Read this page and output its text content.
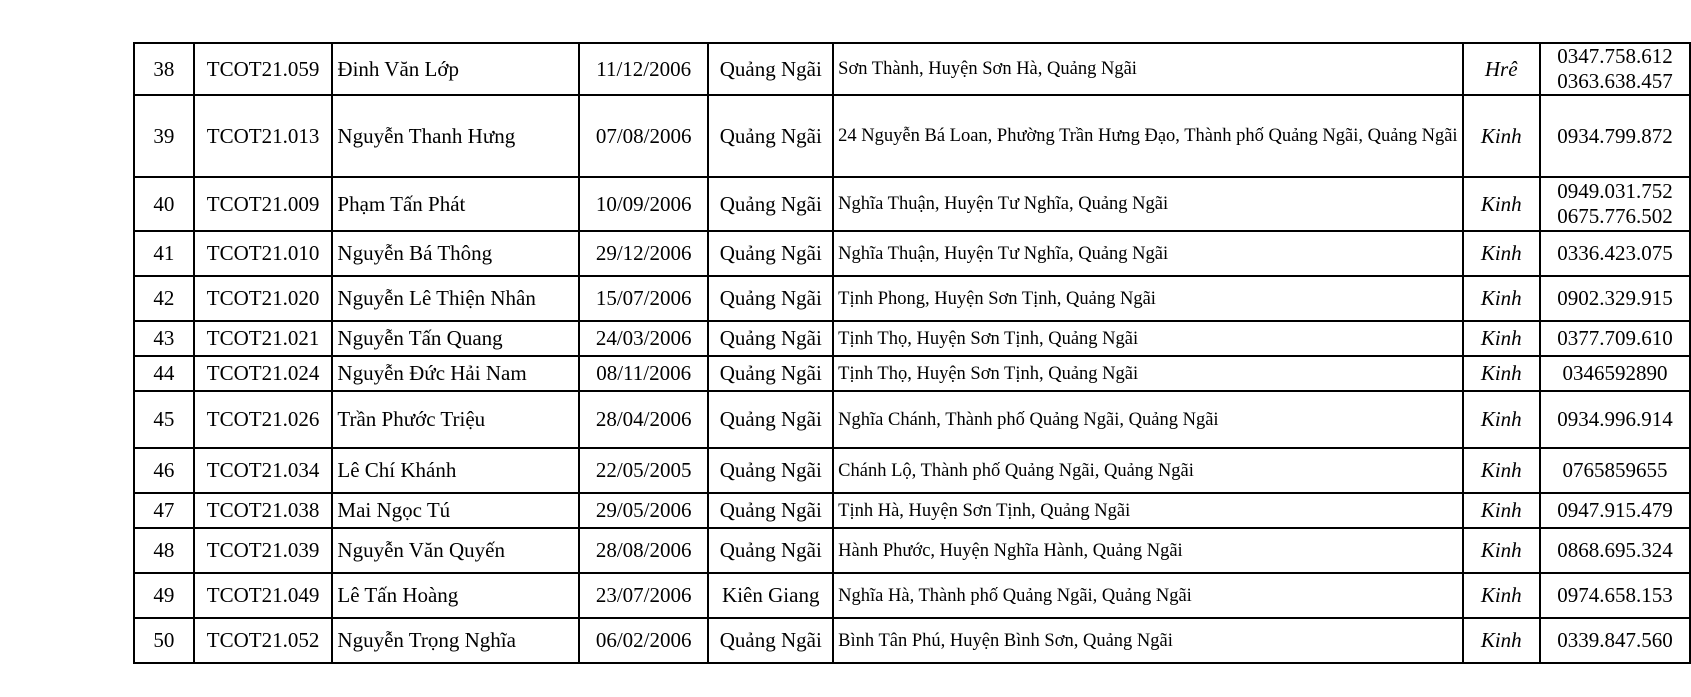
38	TCOT21.059	Đinh Văn Lớp	11/12/2006	Quảng Ngãi	Sơn Thành, Huyện Sơn Hà, Quảng Ngãi	Hrê	0347.758.612
0363.638.457

39	TCOT21.013	Nguyễn Thanh Hưng	07/08/2006	Quảng Ngãi	24 Nguyễn Bá Loan, Phường Trần Hưng Đạo, Thành phố Quảng Ngãi, Quảng Ngãi	Kinh	0934.799.872

40	TCOT21.009	Phạm Tấn Phát	10/09/2006	Quảng Ngãi	Nghĩa Thuận, Huyện Tư Nghĩa, Quảng Ngãi	Kinh	0949.031.752
0675.776.502

41	TCOT21.010	Nguyễn Bá Thông	29/12/2006	Quảng Ngãi	Nghĩa Thuận, Huyện Tư Nghĩa, Quảng Ngãi	Kinh	0336.423.075

42	TCOT21.020	Nguyễn Lê Thiện Nhân	15/07/2006	Quảng Ngãi	Tịnh Phong, Huyện Sơn Tịnh, Quảng Ngãi	Kinh	0902.329.915

43	TCOT21.021	Nguyễn Tấn Quang	24/03/2006	Quảng Ngãi	Tịnh Thọ, Huyện Sơn Tịnh, Quảng Ngãi	Kinh	0377.709.610

44	TCOT21.024	Nguyễn Đức Hải Nam	08/11/2006	Quảng Ngãi	Tịnh Thọ, Huyện Sơn Tịnh, Quảng Ngãi	Kinh	0346592890

45	TCOT21.026	Trần Phước Triệu	28/04/2006	Quảng Ngãi	Nghĩa Chánh, Thành phố Quảng Ngãi, Quảng Ngãi	Kinh	0934.996.914

46	TCOT21.034	Lê Chí Khánh	22/05/2005	Quảng Ngãi	Chánh Lộ, Thành phố Quảng Ngãi, Quảng Ngãi	Kinh	0765859655

47	TCOT21.038	Mai Ngọc Tú	29/05/2006	Quảng Ngãi	Tịnh Hà, Huyện Sơn Tịnh, Quảng Ngãi	Kinh	0947.915.479

48	TCOT21.039	Nguyễn Văn Quyến	28/08/2006	Quảng Ngãi	Hành Phước, Huyện Nghĩa Hành, Quảng Ngãi	Kinh	0868.695.324

49	TCOT21.049	Lê Tấn Hoàng	23/07/2006	Kiên Giang	Nghĩa Hà, Thành phố Quảng Ngãi, Quảng Ngãi	Kinh	0974.658.153

50	TCOT21.052	Nguyễn Trọng Nghĩa	06/02/2006	Quảng Ngãi	Bình Tân Phú, Huyện Bình Sơn, Quảng Ngãi	Kinh	0339.847.560
